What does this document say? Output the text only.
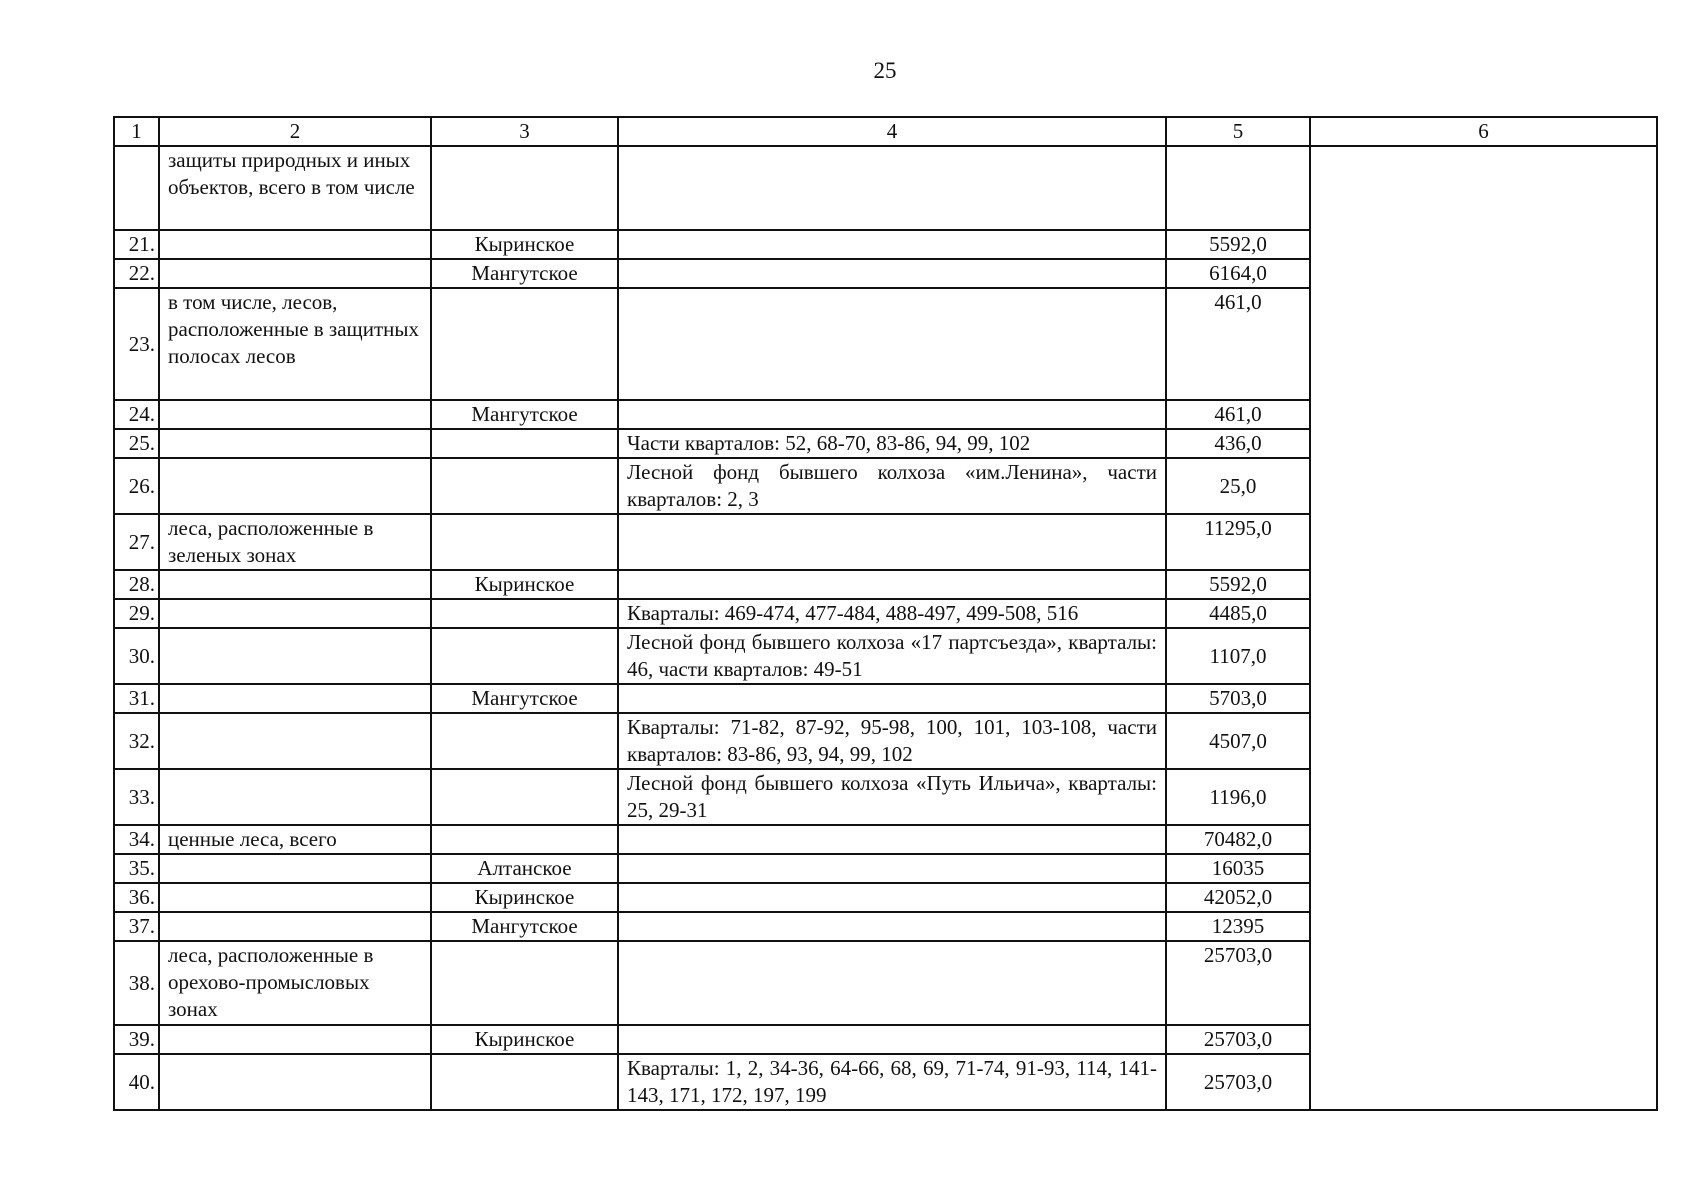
25
1	2	3	4	5	6
	защиты природных и иных объектов, всего в том числе				
21.		Кыринское		5592,0	
22.		Мангутское		6164,0	
23.	в том числе, лесов, расположенные в защитных полосах лесов			461,0	
24.		Мангутское		461,0	
25.			Части кварталов: 52, 68-70, 83-86, 94, 99, 102	436,0	
26.			Лесной фонд бывшего колхоза «им.Ленина», части кварталов: 2, 3	25,0	
27.	леса, расположенные в зеленых зонах			11295,0	
28.		Кыринское		5592,0	
29.			Кварталы: 469-474, 477-484, 488-497, 499-508, 516	4485,0	
30.			Лесной фонд бывшего колхоза «17 партсъезда», кварталы: 46, части кварталов: 49-51	1107,0	
31.		Мангутское		5703,0	
32.			Кварталы: 71-82, 87-92, 95-98, 100, 101, 103-108, части кварталов: 83-86, 93, 94, 99, 102	4507,0	
33.			Лесной фонд бывшего колхоза «Путь Ильича», кварталы: 25, 29-31	1196,0	
34.	ценные леса, всего			70482,0	
35.		Алтанское		16035	
36.		Кыринское		42052,0	
37.		Мангутское		12395	
38.	леса, расположенные в орехово-промысловых зонах			25703,0	
39.		Кыринское		25703,0	
40.			Кварталы: 1, 2, 34-36, 64-66, 68, 69, 71-74, 91-93, 114, 141-143, 171, 172, 197, 199	25703,0	
